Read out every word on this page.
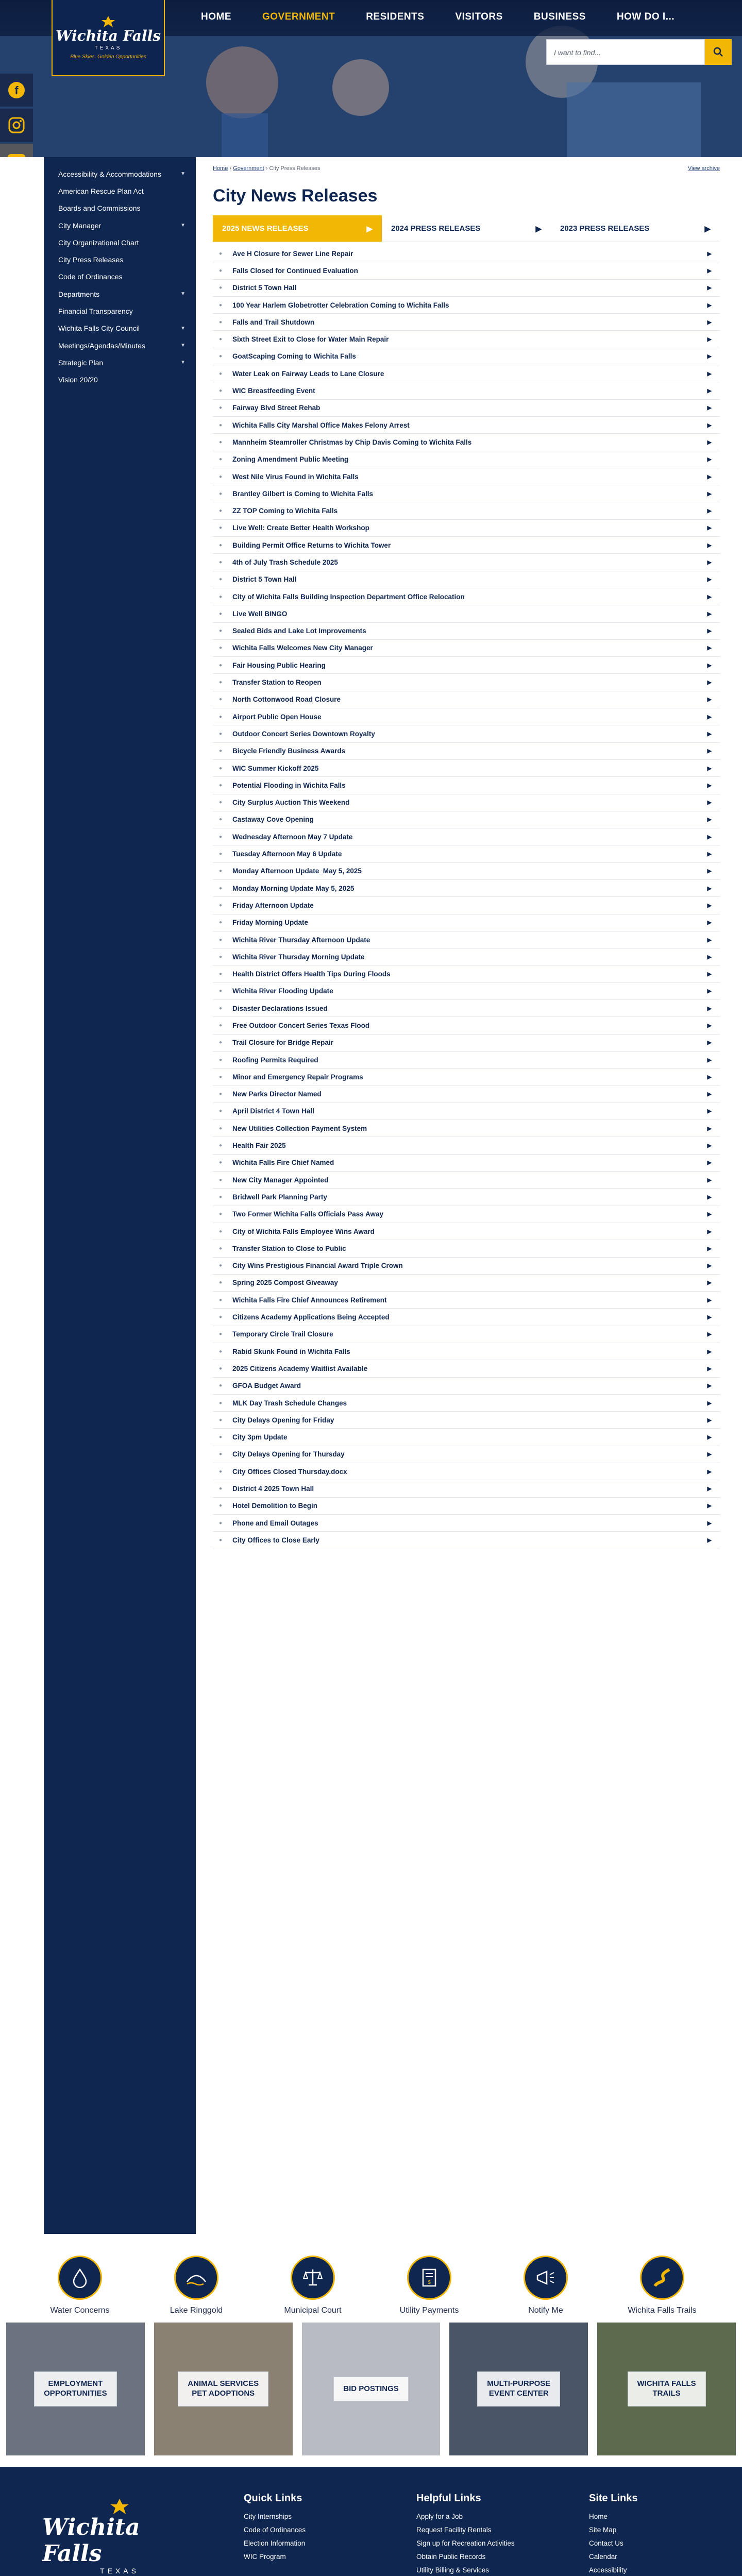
Wichita Falls
TEXAS
Blue Skies. Golden Opportunities
HOME	GOVERNMENT	RESIDENTS	VISITORS	BUSINESS	HOW DO I...
I want to find...
f
Accessibility & Accommodations	▼
American Rescue Plan Act
Boards and Commissions
City Manager	▼
City Organizational Chart
City Press Releases
Code of Ordinances
Departments	▼
Financial Transparency
Wichita Falls City Council	▼
Meetings/Agendas/Minutes	▼
Strategic Plan	▼
Vision 20/20
Home › Government › City Press Releases	View archive
City News Releases
2025 NEWS RELEASES	▶ 2024 PRESS RELEASES	▶ 2023 PRESS RELEASES	▶
● Ave H Closure for Sewer Line Repair	▶
● Falls Closed for Continued Evaluation	▶
● District 5 Town Hall	▶
● 100 Year Harlem Globetrotter Celebration Coming to Wichita Falls	▶
● Falls and Trail Shutdown	▶
● Sixth Street Exit to Close for Water Main Repair	▶
● GoatScaping Coming to Wichita Falls	▶
● Water Leak on Fairway Leads to Lane Closure	▶
● WIC Breastfeeding Event	▶
● Fairway Blvd Street Rehab	▶
● Wichita Falls City Marshal Office Makes Felony Arrest	▶
● Mannheim Steamroller Christmas by Chip Davis Coming to Wichita Falls	▶
● Zoning Amendment Public Meeting	▶
● West Nile Virus Found in Wichita Falls	▶
● Brantley Gilbert is Coming to Wichita Falls	▶
● ZZ TOP Coming to Wichita Falls	▶
● Live Well: Create Better Health Workshop	▶
● Building Permit Office Returns to Wichita Tower	▶
● 4th of July Trash Schedule 2025	▶
● District 5 Town Hall	▶
● City of Wichita Falls Building Inspection Department Office Relocation	▶
● Live Well BINGO	▶
● Sealed Bids and Lake Lot Improvements	▶
● Wichita Falls Welcomes New City Manager	▶
● Fair Housing Public Hearing	▶
● Transfer Station to Reopen	▶
● North Cottonwood Road Closure	▶
● Airport Public Open House	▶
● Outdoor Concert Series Downtown Royalty	▶
● Bicycle Friendly Business Awards	▶
● WIC Summer Kickoff 2025	▶
● Potential Flooding in Wichita Falls	▶
● City Surplus Auction This Weekend	▶
● Castaway Cove Opening	▶
● Wednesday Afternoon May 7 Update	▶
● Tuesday Afternoon May 6 Update	▶
● Monday Afternoon Update_May 5, 2025	▶
● Monday Morning Update May 5, 2025	▶
● Friday Afternoon Update	▶
● Friday Morning Update	▶
● Wichita River Thursday Afternoon Update	▶
● Wichita River Thursday Morning Update	▶
● Health District Offers Health Tips During Floods	▶
● Wichita River Flooding Update	▶
● Disaster Declarations Issued	▶
● Free Outdoor Concert Series Texas Flood	▶
● Trail Closure for Bridge Repair	▶
● Roofing Permits Required	▶
● Minor and Emergency Repair Programs	▶
● New Parks Director Named	▶
● April District 4 Town Hall	▶
● New Utilities Collection Payment System	▶
● Health Fair 2025	▶
● Wichita Falls Fire Chief Named	▶
● New City Manager Appointed	▶
● Bridwell Park Planning Party	▶
● Two Former Wichita Falls Officials Pass Away	▶
● City of Wichita Falls Employee Wins Award	▶
● Transfer Station to Close to Public	▶
● City Wins Prestigious Financial Award Triple Crown	▶
● Spring 2025 Compost Giveaway	▶
● Wichita Falls Fire Chief Announces Retirement	▶
● Citizens Academy Applications Being Accepted	▶
● Temporary Circle Trail Closure	▶
● Rabid Skunk Found in Wichita Falls	▶
● 2025 Citizens Academy Waitlist Available	▶
● GFOA Budget Award	▶
● MLK Day Trash Schedule Changes	▶
● City Delays Opening for Friday	▶
● City 3pm Update	▶
● City Delays Opening for Thursday	▶
● City Offices Closed Thursday.docx	▶
● District 4 2025 Town Hall	▶
● Hotel Demolition to Begin	▶
● Phone and Email Outages	▶
● City Offices to Close Early	▶
Water Concerns	Lake Ringgold	Municipal Court
$
Utility Payments	Notify Me	Wichita Falls Trails
EMPLOYMENT
OPPORTUNITIES
ANIMAL SERVICES
PET ADOPTIONS
BID POSTINGS
MULTI-PURPOSE
EVENT CENTER
WICHITA FALLS
TRAILS
Wichita Falls
TEXAS
Quick Links
City Internships
Code of Ordinances
Election Information
WIC Program
Helpful Links
Apply for a Job
Request Facility Rentals
Sign up for Recreation Activities
Obtain Public Records
Utility Billing & Services
Site Links
Home
Site Map
Contact Us
Calendar
Accessibility
